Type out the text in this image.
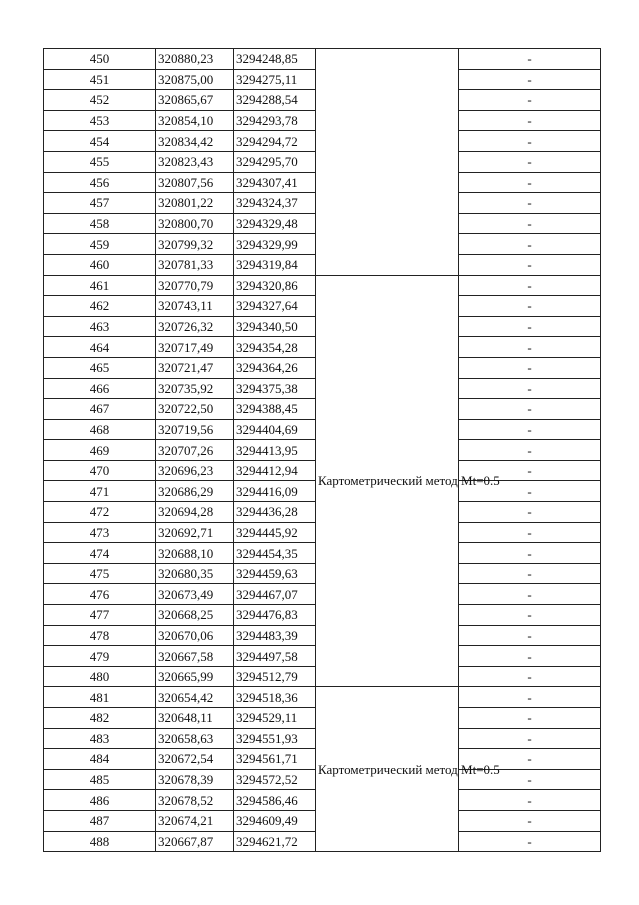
450	320880,23	3294248,85			-
451	320875,00	3294275,11		-
452	320865,67	3294288,54		-
453	320854,10	3294293,78		-
454	320834,42	3294294,72		-
455	320823,43	3294295,70		-
456	320807,56	3294307,41		-
457	320801,22	3294324,37		-
458	320800,70	3294329,48		-
459	320799,32	3294329,99		-
460	320781,33	3294319,84		-
461	320770,79	3294320,86	Картометрический метод Mt=0.5		-
462	320743,11	3294327,64		-
463	320726,32	3294340,50		-
464	320717,49	3294354,28		-
465	320721,47	3294364,26		-
466	320735,92	3294375,38		-
467	320722,50	3294388,45		-
468	320719,56	3294404,69		-
469	320707,26	3294413,95		-
470	320696,23	3294412,94		-
471	320686,29	3294416,09		-
472	320694,28	3294436,28		-
473	320692,71	3294445,92		-
474	320688,10	3294454,35		-
475	320680,35	3294459,63		-
476	320673,49	3294467,07		-
477	320668,25	3294476,83		-
478	320670,06	3294483,39		-
479	320667,58	3294497,58		-
480	320665,99	3294512,79		-
481	320654,42	3294518,36	Картометрический метод Mt=0.5		-
482	320648,11	3294529,11		-
483	320658,63	3294551,93		-
484	320672,54	3294561,71		-
485	320678,39	3294572,52		-
486	320678,52	3294586,46		-
487	320674,21	3294609,49		-
488	320667,87	3294621,72		-
